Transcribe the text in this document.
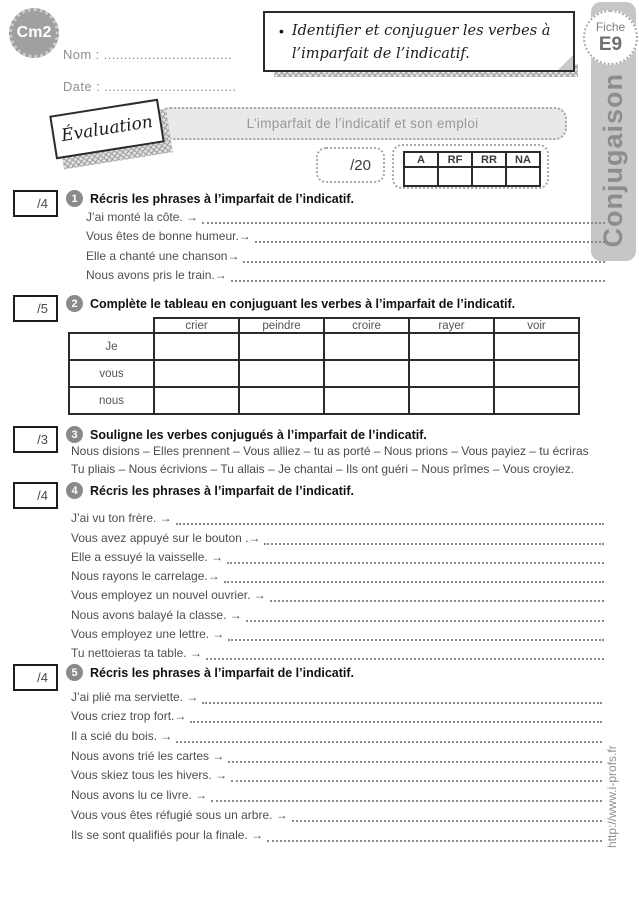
Cm2
Nom : ................................
Date : .................................
• Identifier et conjuguer les verbes à l’imparfait de l’indicatif.
Conjugaison
Fiche
E9
L’imparfait de l’indicatif et son emploi
Évaluation
/20	A	RF	RR	NA

/4	1 Récris les phrases à l’imparfait de l’indicatif.
J’ai monté la côte. →
Vous êtes de bonne humeur.→
Elle a chanté une chanson→
Nous avons pris le train.→
/5	2 Complète le tableau en conjuguant les verbes à l’imparfait de l’indicatif.
	crier	peindre	croire	rayer	voir
Je					
vous					
nous					
/3	3 Souligne les verbes conjugués à l’imparfait de l’indicatif.
Nous disions – Elles prennent – Vous alliez – tu as porté – Nous prions – Vous payiez – tu écriras
Tu pliais – Nous écrivions – Tu allais – Je chantai – Ils ont guéri – Nous prîmes – Vous croyiez.
/4	4 Récris les phrases à l’imparfait de l’indicatif.
J’ai vu ton frère. →
Vous avez appuyé sur le bouton .→
Elle a essuyé la vaisselle. →
Nous rayons le carrelage.→
Vous employez un nouvel ouvrier. →
Nous avons balayé la classe. →
Vous employez une lettre. →
Tu nettoieras ta table. →
/4	5 Récris les phrases à l’imparfait de l’indicatif.
J’ai plié ma serviette. →
Vous criez trop fort.→
Il a scié du bois. →
Nous avons trié les cartes →
Vous skiez tous les hivers. →
Nous avons lu ce livre. →
Vous vous êtes réfugié sous un arbre. →
Ils se sont qualifiés pour la finale. →	http://www.i-profs.fr
